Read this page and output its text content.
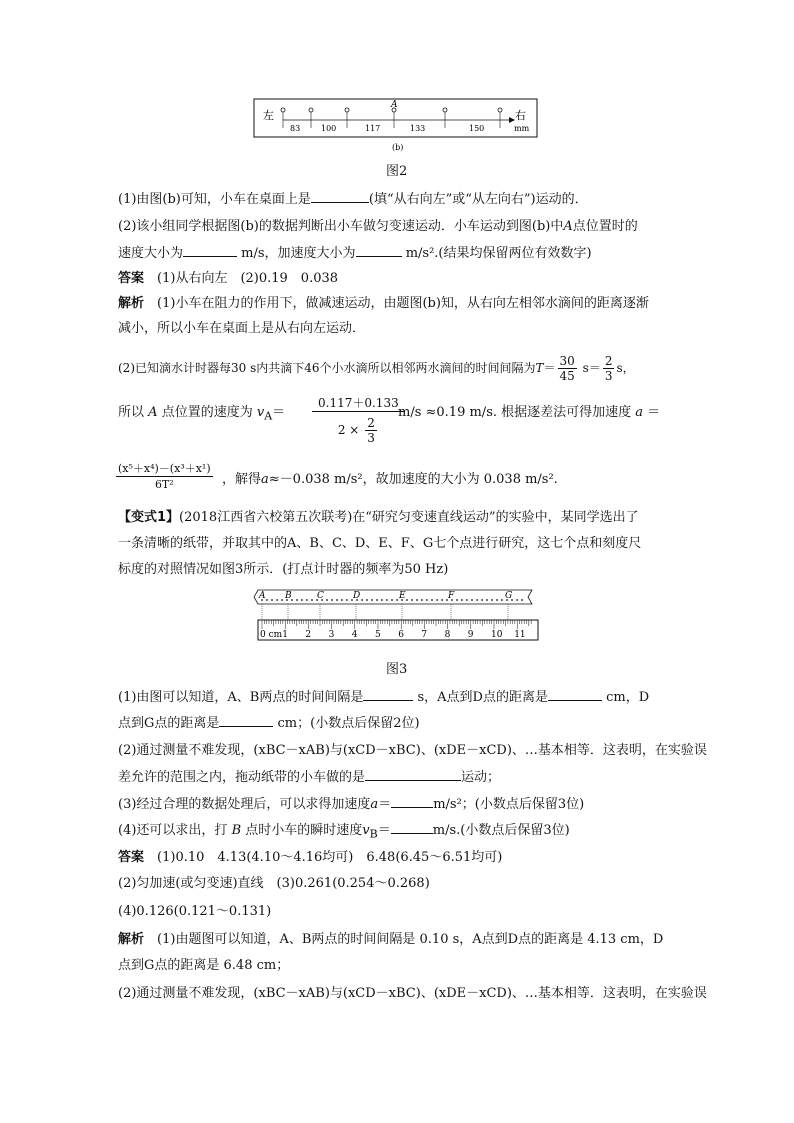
左	右
mm
A
83	100	117	133	150
(b)
图2
(1)由图(b)可知，小车在桌面上是	(填“从右向左”或“从左向右”)运动的．
(2)该小组同学根据图(b)的数据判断出小车做匀变速运动．小车运动到图(b)中A点位置时的
速度大小为	m/s，加速度大小为	m/s².(结果均保留两位有效数字)
答案　 (1)从右向左　(2)0.19　0.038
解析　 (1)小车在阻力的作用下，做减速运动，由题图(b)知，从右向左相邻水滴间的距离逐渐
减小，所以小车在桌面上是从右向左运动．
(2)已知滴水计时器每30 s内共滴下46个小水滴所以相邻两水滴间的时间间隔为$T= \frac{30}{45} s= \frac{2}{3}$ s，
所以 A 点位置的速度为 $v_A=$
0.117＋0.133
$2 \times \frac{2}{3}$
m/s ≈0.19 m/s. 根据逐差法可得加速度 a ＝
(x⁵＋x⁴)－(x³＋x¹)
6T²	，解得a≈－0.038 m/s²，故加速度的大小为 0.038 m/s².
【变式1】(2018江西省六校第五次联考)在“研究匀变速直线运动”的实验中，某同学选出了
一条清晰的纸带，并取其中的A、B、C、D、E、F、G七个点进行研究，这七个点和刻度尺
标度的对照情况如图3所示．(打点计时器的频率为50 Hz)
A B	C	D	E	F	G
0 cm 1 2 3 4 5 6 7 8 9 10 11
图3
(1)由图可以知道，A、B两点的时间间隔是	s，A点到D点的距离是	cm，D
点到G点的距离是	cm；(小数点后保留2位)
(2)通过测量不难发现，(xBC－xAB)与(xCD－xBC)、(xDE－xCD)、…基本相等．这表明，在实验误
差允许的范围之内，拖动纸带的小车做的是	运动；
(3)经过合理的数据处理后，可以求得加速度a＝	m/s²；(小数点后保留3位)
(4)还可以求出，打 B 点时小车的瞬时速度$v_B=$	m/s.(小数点后保留3位)
答案　 (1)0.10　4.13(4.10～4.16均可)　6.48(6.45～6.51均可)
(2)匀加速(或匀变速)直线　(3)0.261(0.254～0.268)
(4)0.126(0.121～0.131)
解析　 (1)由题图可以知道，A、B两点的时间间隔是 0.10 s，A点到D点的距离是 4.13 cm，D
点到G点的距离是 6.48 cm；
(2)通过测量不难发现，(xBC－xAB)与(xCD－xBC)、(xDE－xCD)、…基本相等．这表明，在实验误
